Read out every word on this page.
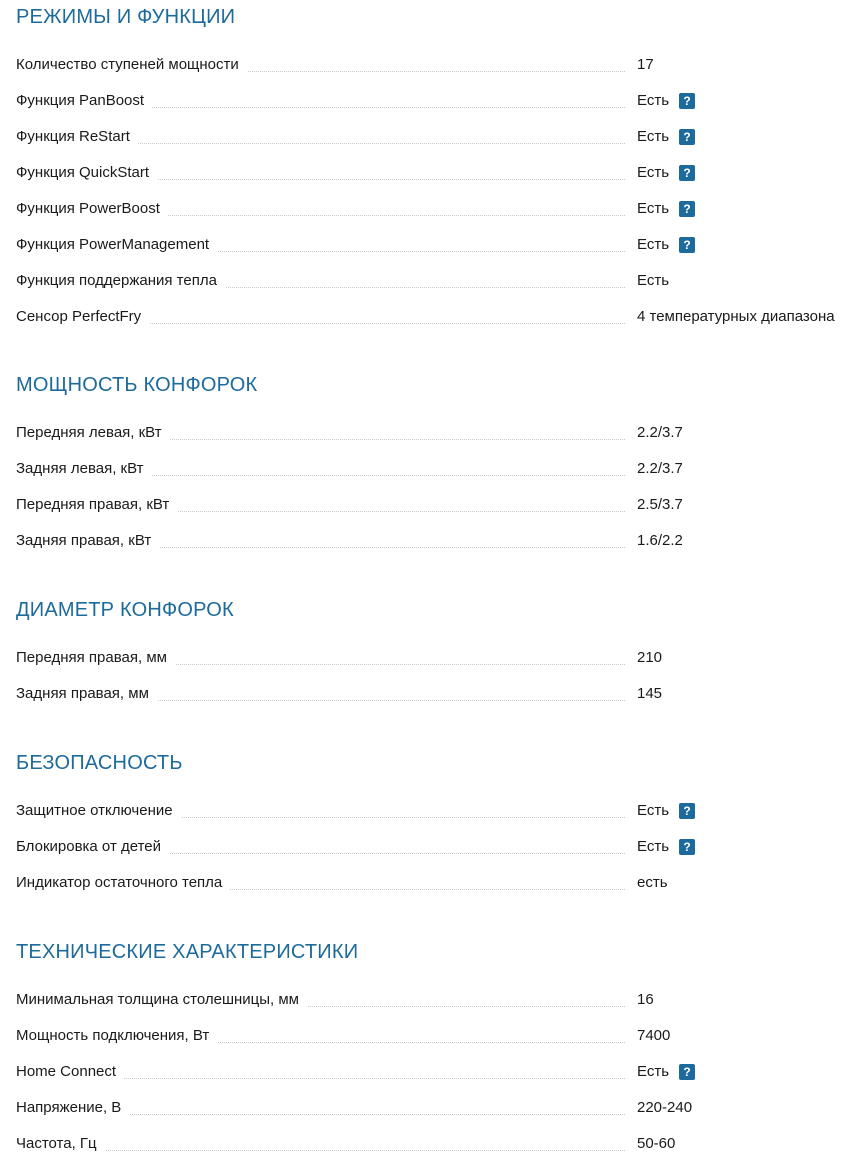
РЕЖИМЫ И ФУНКЦИИ
Количество ступеней мощности	17
Функция PanBoost	Есть	?
Функция ReStart	Есть	?
Функция QuickStart	Есть	?
Функция PowerBoost	Есть	?
Функция PowerManagement	Есть	?
Функция поддержания тепла	Есть
Сенсор PerfectFry	4 температурных диапазона
МОЩНОСТЬ КОНФОРОК
Передняя левая, кВт	2.2/3.7
Задняя левая, кВт	2.2/3.7
Передняя правая, кВт	2.5/3.7
Задняя правая, кВт	1.6/2.2
ДИАМЕТР КОНФОРОК
Передняя правая, мм	210
Задняя правая, мм	145
БЕЗОПАСНОСТЬ
Защитное отключение	Есть	?
Блокировка от детей	Есть	?
Индикатор остаточного тепла	есть
ТЕХНИЧЕСКИЕ ХАРАКТЕРИСТИКИ
Минимальная толщина столешницы, мм	16
Мощность подключения, Вт	7400
Home Connect	Есть	?
Напряжение, В	220-240
Частота, Гц	50-60
